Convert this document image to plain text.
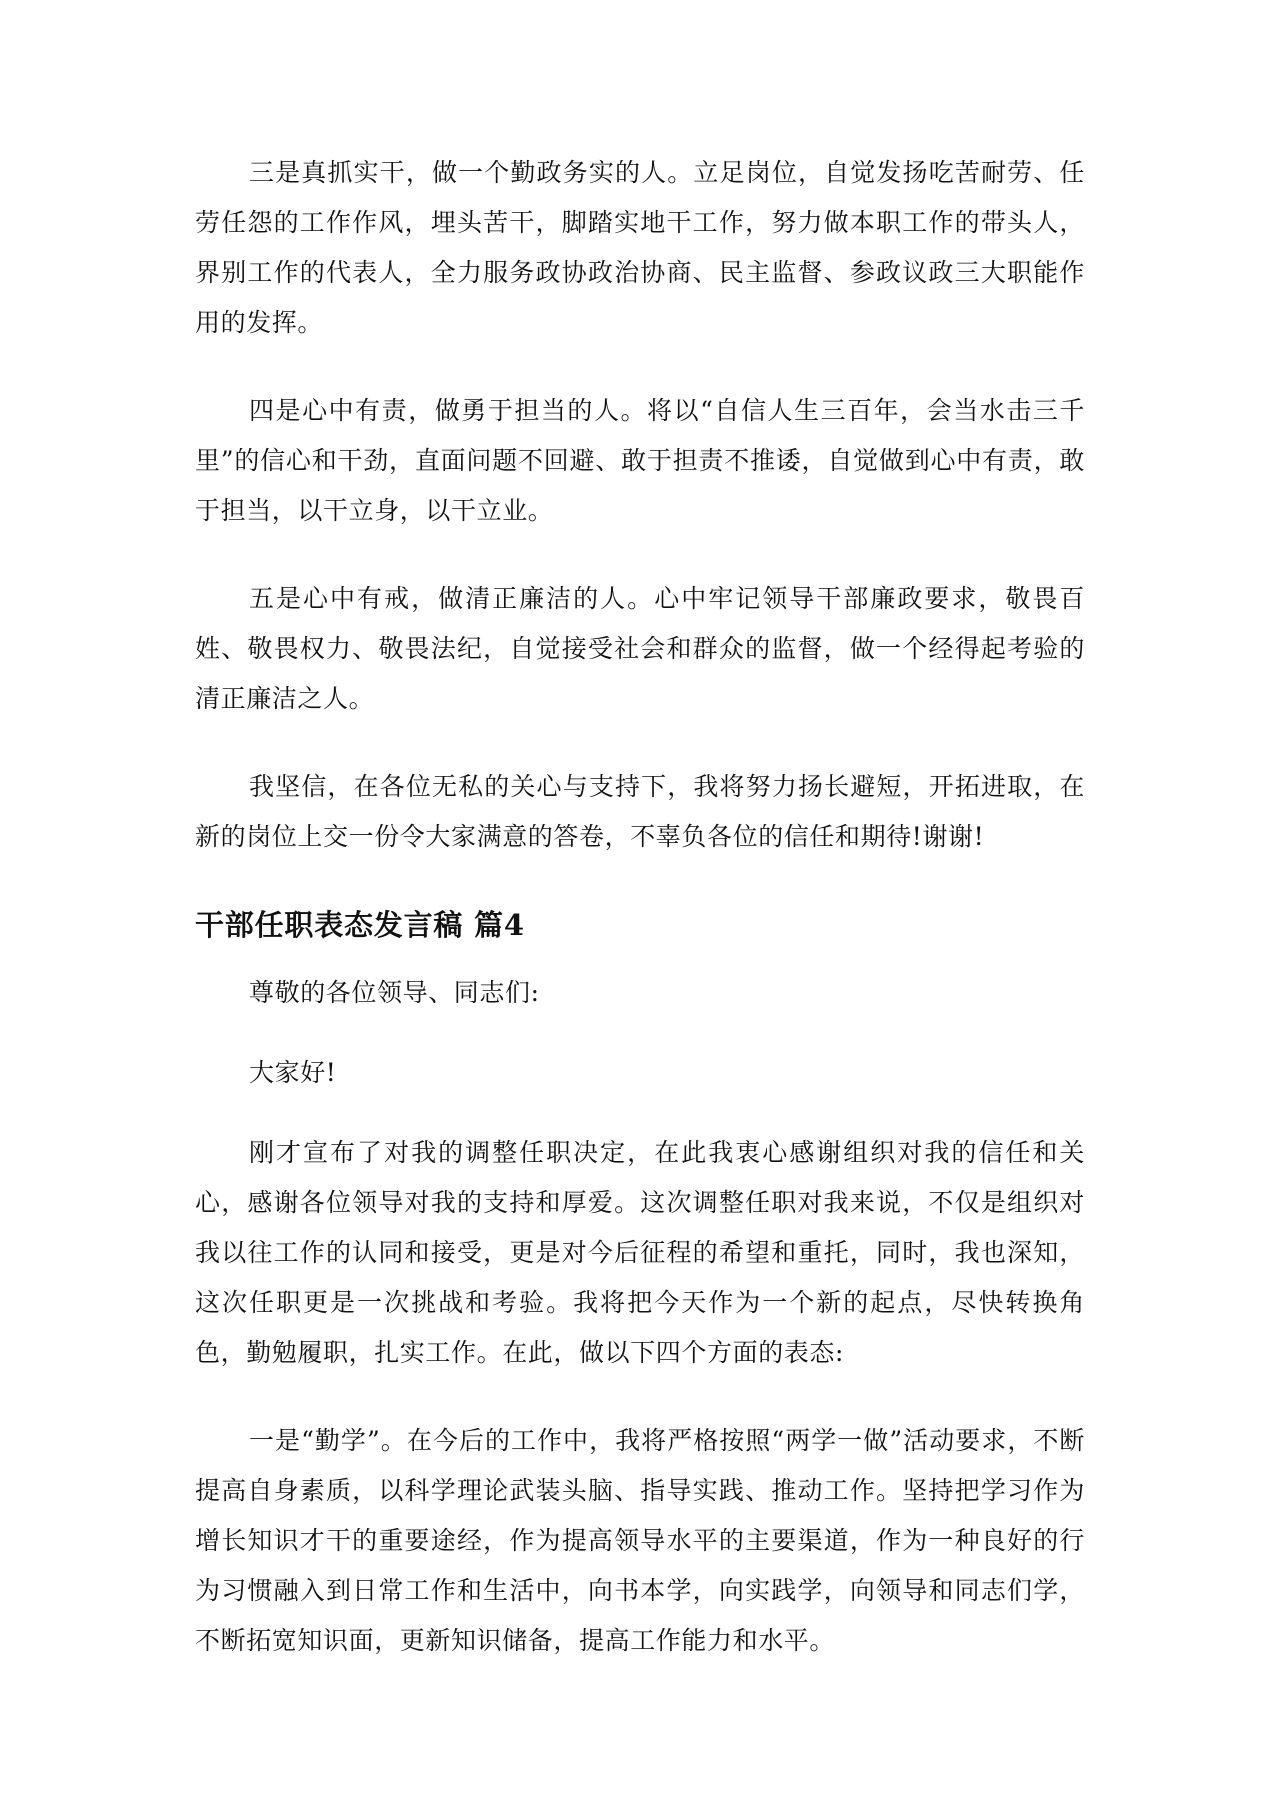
三是真抓实干，做一个勤政务实的人。立足岗位，自觉发扬吃苦耐劳、任劳任怨的工作作风，埋头苦干，脚踏实地干工作，努力做本职工作的带头人，界别工作的代表人，全力服务政协政治协商、民主监督、参政议政三大职能作用的发挥。

四是心中有责，做勇于担当的人。将以“自信人生三百年，会当水击三千里”的信心和干劲，直面问题不回避、敢于担责不推诿，自觉做到心中有责，敢于担当，以干立身，以干立业。

五是心中有戒，做清正廉洁的人。心中牢记领导干部廉政要求，敬畏百姓、敬畏权力、敬畏法纪，自觉接受社会和群众的监督，做一个经得起考验的清正廉洁之人。

我坚信，在各位无私的关心与支持下，我将努力扬长避短，开拓进取，在新的岗位上交一份令大家满意的答卷，不辜负各位的信任和期待!谢谢!

干部任职表态发言稿 篇4

尊敬的各位领导、同志们:

大家好!

刚才宣布了对我的调整任职决定，在此我衷心感谢组织对我的信任和关心，感谢各位领导对我的支持和厚爱。这次调整任职对我来说，不仅是组织对我以往工作的认同和接受，更是对今后征程的希望和重托，同时，我也深知，这次任职更是一次挑战和考验。我将把今天作为一个新的起点，尽快转换角色，勤勉履职，扎实工作。在此，做以下四个方面的表态:

一是“勤学”。在今后的工作中，我将严格按照“两学一做”活动要求，不断提高自身素质，以科学理论武装头脑、指导实践、推动工作。坚持把学习作为增长知识才干的重要途经，作为提高领导水平的主要渠道，作为一种良好的行为习惯融入到日常工作和生活中，向书本学，向实践学，向领导和同志们学，不断拓宽知识面，更新知识储备，提高工作能力和水平。
